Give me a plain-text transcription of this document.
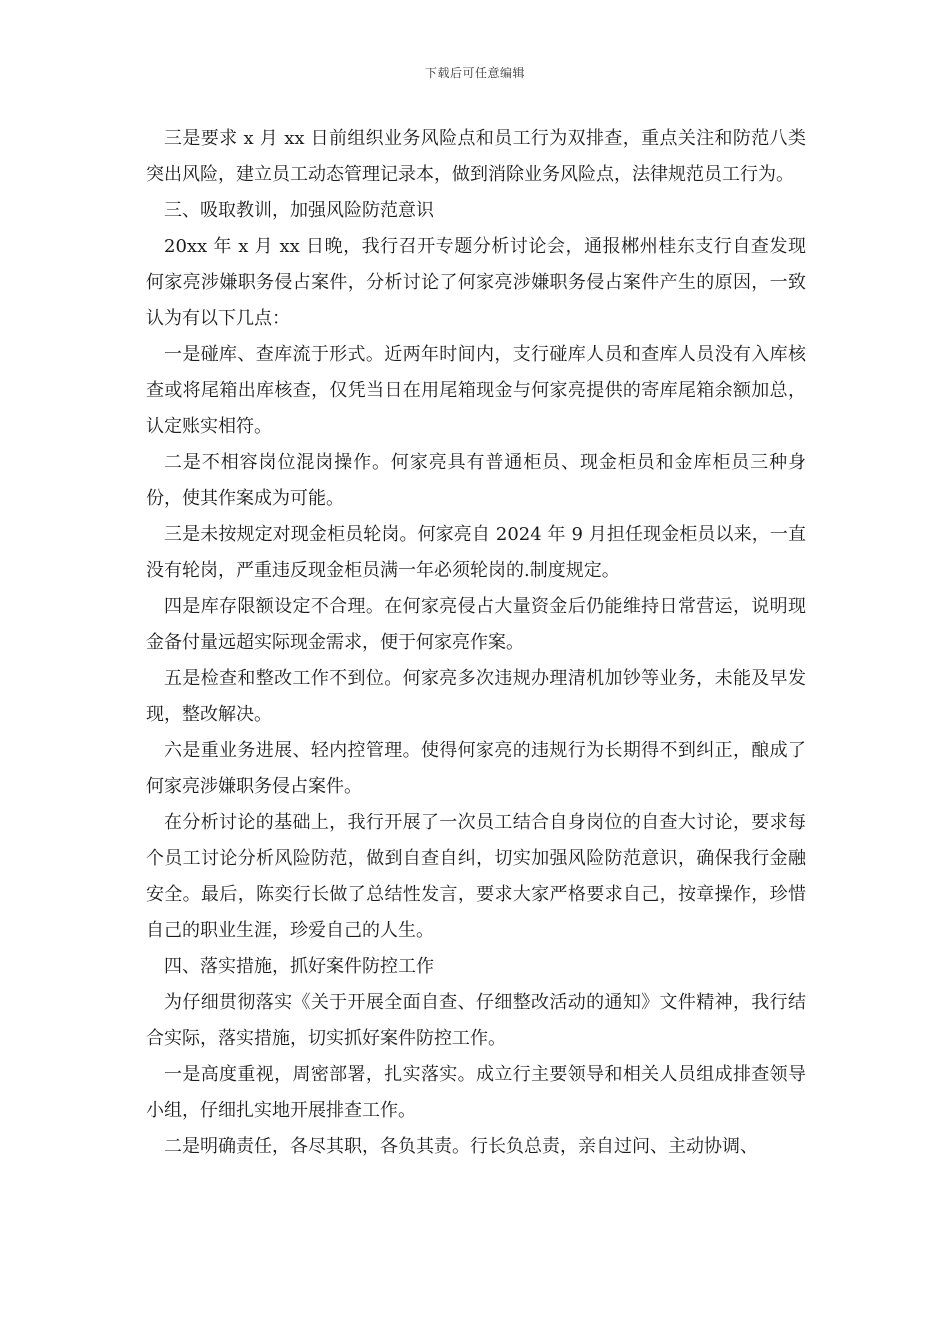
下载后可任意编辑

三是要求 x 月 xx 日前组织业务风险点和员工行为双排查，重点关注和防范八类突出风险，建立员工动态管理记录本，做到消除业务风险点，法律规范员工行为。

三、吸取教训，加强风险防范意识

20xx 年 x 月 xx 日晚，我行召开专题分析讨论会，通报郴州桂东支行自查发现何家亮涉嫌职务侵占案件，分析讨论了何家亮涉嫌职务侵占案件产生的原因，一致认为有以下几点：

一是碰库、查库流于形式。近两年时间内，支行碰库人员和查库人员没有入库核查或将尾箱出库核查，仅凭当日在用尾箱现金与何家亮提供的寄库尾箱余额加总，认定账实相符。

二是不相容岗位混岗操作。何家亮具有普通柜员、现金柜员和金库柜员三种身份，使其作案成为可能。

三是未按规定对现金柜员轮岗。何家亮自 2024 年 9 月担任现金柜员以来，一直没有轮岗，严重违反现金柜员满一年必须轮岗的.制度规定。

四是库存限额设定不合理。在何家亮侵占大量资金后仍能维持日常营运，说明现金备付量远超实际现金需求，便于何家亮作案。

五是检查和整改工作不到位。何家亮多次违规办理清机加钞等业务，未能及早发现，整改解决。

六是重业务进展、轻内控管理。使得何家亮的违规行为长期得不到纠正，酿成了何家亮涉嫌职务侵占案件。

在分析讨论的基础上，我行开展了一次员工结合自身岗位的自查大讨论，要求每个员工讨论分析风险防范，做到自查自纠，切实加强风险防范意识，确保我行金融安全。最后，陈奕行长做了总结性发言，要求大家严格要求自己，按章操作，珍惜自己的职业生涯，珍爱自己的人生。

四、落实措施，抓好案件防控工作

为仔细贯彻落实《关于开展全面自查、仔细整改活动的通知》文件精神，我行结合实际，落实措施，切实抓好案件防控工作。

一是高度重视，周密部署，扎实落实。成立行主要领导和相关人员组成排查领导小组，仔细扎实地开展排查工作。

二是明确责任，各尽其职，各负其责。行长负总责，亲自过问、主动协调、
